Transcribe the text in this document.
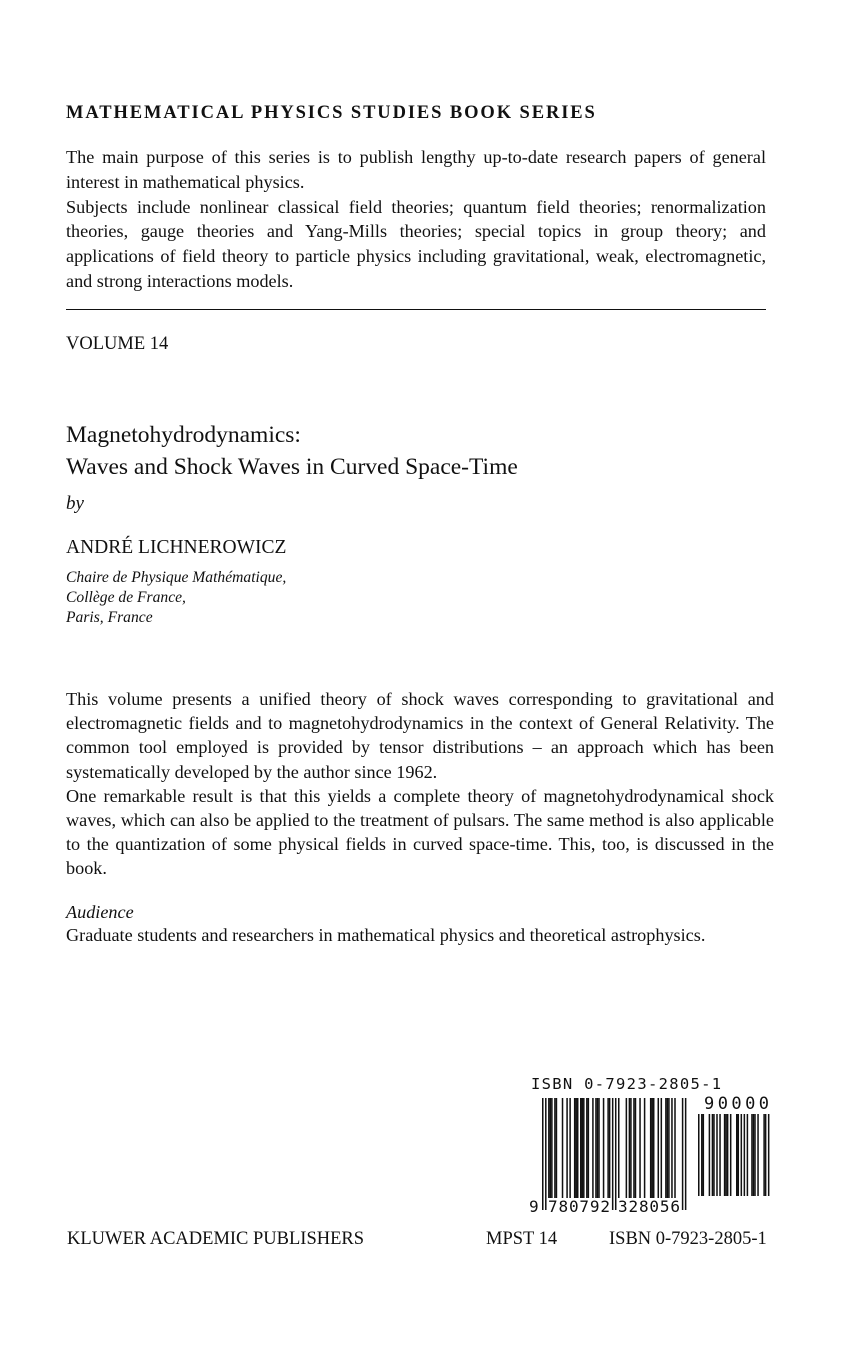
MATHEMATICAL PHYSICS STUDIES BOOK SERIES

The main purpose of this series is to publish lengthy up-to-date research papers of general interest in mathematical physics.

Subjects include nonlinear classical field theories; quantum field theories; renormalization theories, gauge theories and Yang-Mills theories; special topics in group theory; and applications of field theory to particle physics including gravitational, weak, electromagnetic, and strong interactions models.

VOLUME 14
Magnetohydrodynamics:
Waves and Shock Waves in Curved Space-Time
by
ANDRÉ LICHNEROWICZ
Chaire de Physique Mathématique,
Collège de France,
Paris, France

This volume presents a unified theory of shock waves corresponding to gravitational and electromagnetic fields and to magnetohydrodynamics in the context of General Relativity. The common tool employed is provided by tensor distributions – an approach which has been systematically developed by the author since 1962.

One remarkable result is that this yields a complete theory of magnetohydrodynamical shock waves, which can also be applied to the treatment of pulsars. The same method is also applicable to the quantization of some physical fields in curved space-time. This, too, is discussed in the book.

Audience
Graduate students and researchers in mathematical physics and theoretical astrophysics.
ISBN 0-7923-2805-1
9 780792 328056
90000
KLUWER ACADEMIC PUBLISHERS	MPST 14	ISBN 0-7923-2805-1
